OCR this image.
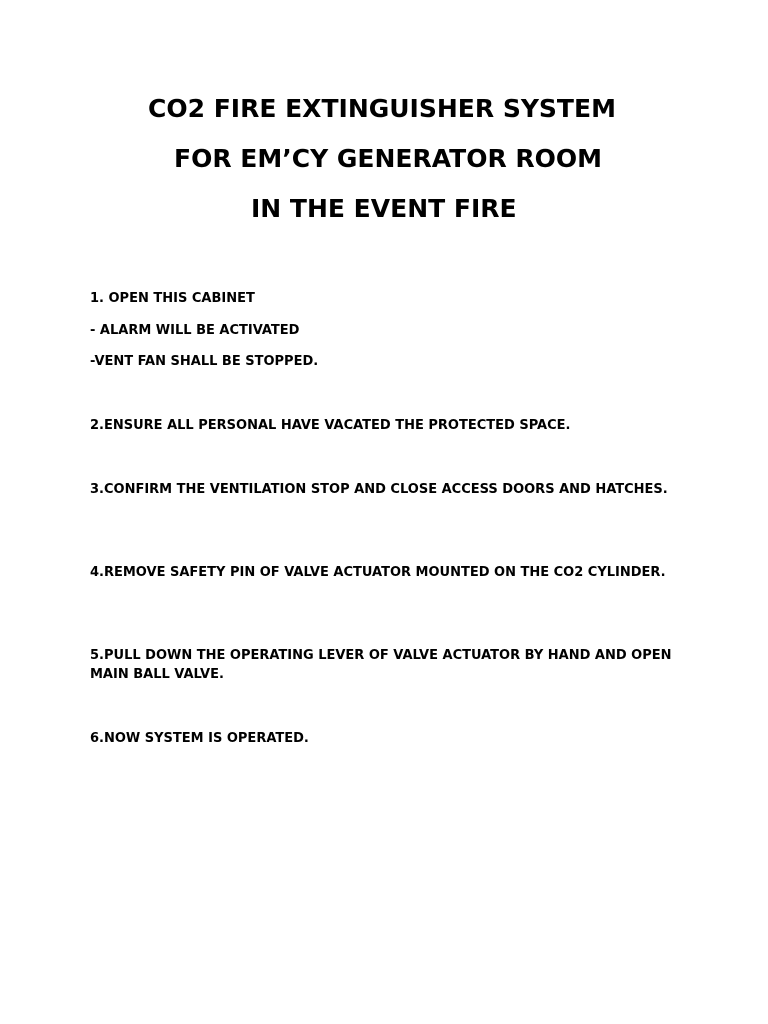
CO2 FIRE EXTINGUISHER SYSTEM
FOR EM’CY GENERATOR ROOM
IN THE EVENT FIRE

1. OPEN THIS CABINET

- ALARM WILL BE ACTIVATED

-VENT FAN SHALL BE STOPPED.

2.ENSURE ALL PERSONAL HAVE VACATED THE PROTECTED SPACE.

3.CONFIRM THE VENTILATION STOP AND CLOSE ACCESS DOORS AND HATCHES.

4.REMOVE SAFETY PIN OF VALVE ACTUATOR MOUNTED ON THE CO2 CYLINDER.

5.PULL DOWN THE OPERATING LEVER OF VALVE ACTUATOR BY HAND AND OPEN MAIN BALL VALVE.

6.NOW SYSTEM IS OPERATED.
